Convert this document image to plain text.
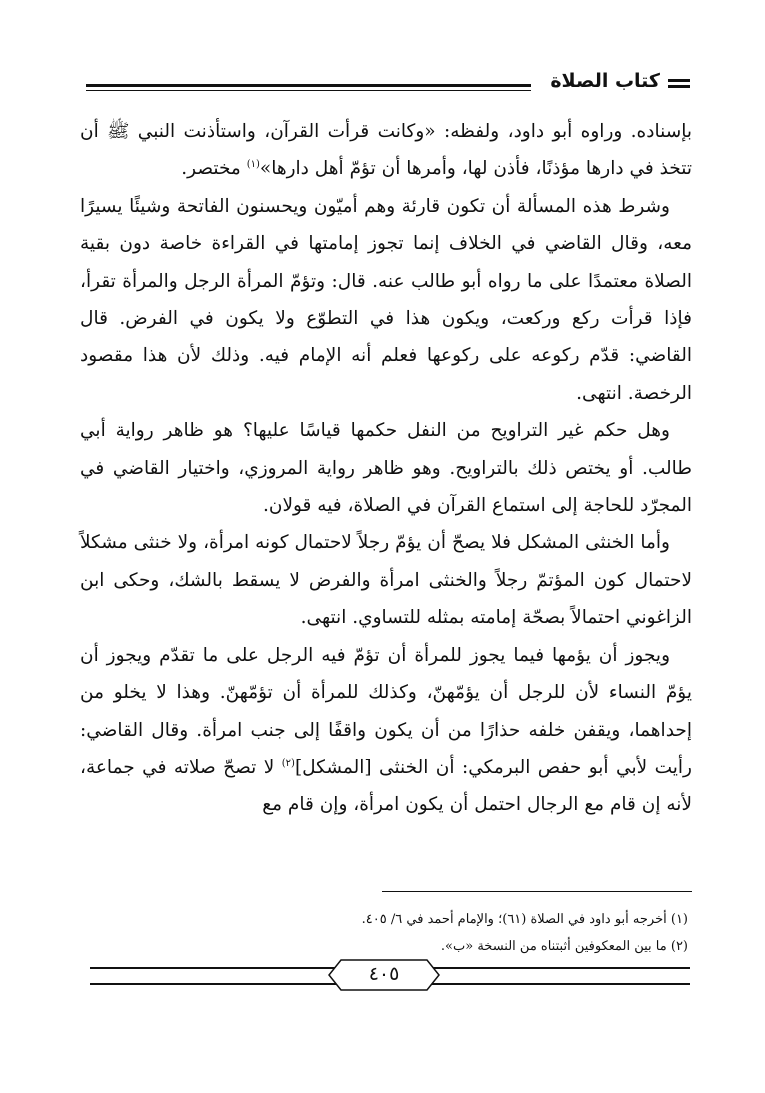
كتاب الصلاة

بإسناده. وراوه أبو داود، ولفظه: «وكانت قرأت القرآن، واستأذنت النبي ﷺ أن تتخذ في دارها مؤذنًا، فأذن لها، وأمرها أن تؤمّ أهل دارها»$^{(١)}$ مختصر.

وشرط هذه المسألة أن تكون قارئة وهم أميّون ويحسنون الفاتحة وشيئًا يسيرًا معه، وقال القاضي في الخلاف إنما تجوز إمامتها في القراءة خاصة دون بقية الصلاة معتمدًا على ما رواه أبو طالب عنه. قال: وتؤمّ المرأة الرجل والمرأة تقرأ، فإذا قرأت ركع وركعت، ويكون هذا في التطوّع ولا يكون في الفرض. قال القاضي: قدّم ركوعه على ركوعها فعلم أنه الإمام فيه. وذلك لأن هذا مقصود الرخصة. انتهى.

وهل حكم غير التراويح من النفل حكمها قياسًا عليها؟ هو ظاهر رواية أبي طالب. أو يختص ذلك بالتراويح. وهو ظاهر رواية المروزي، واختيار القاضي في المجرّد للحاجة إلى استماع القرآن في الصلاة، فيه قولان.

وأما الخنثى المشكل فلا يصحّ أن يؤمّ رجلاً لاحتمال كونه امرأة، ولا خنثى مشكلاً لاحتمال كون المؤتمّ رجلاً والخنثى امرأة والفرض لا يسقط بالشك، وحكى ابن الزاغوني احتمالاً بصحّة إمامته بمثله للتساوي. انتهى.

ويجوز أن يؤمها فيما يجوز للمرأة أن تؤمّ فيه الرجل على ما تقدّم ويجوز أن يؤمّ النساء لأن للرجل أن يؤمّهنّ، وكذلك للمرأة أن تؤمّهنّ. وهذا لا يخلو من إحداهما، ويقفن خلفه حذارًا من أن يكون واقفًا إلى جنب امرأة. وقال القاضي: رأيت لأبي أبو حفص البرمكي: أن الخنثى [المشكل]$^{(٢)}$ لا تصحّ صلاته في جماعة، لأنه إن قام مع الرجال احتمل أن يكون امرأة، وإن قام مع

(١) أخرجه أبو داود في الصلاة (٦١)؛ والإمام أحمد في ٦/ ٤٠٥.
(٢) ما بين المعكوفين أثبتناه من النسخة «ب».
٤٠٥
